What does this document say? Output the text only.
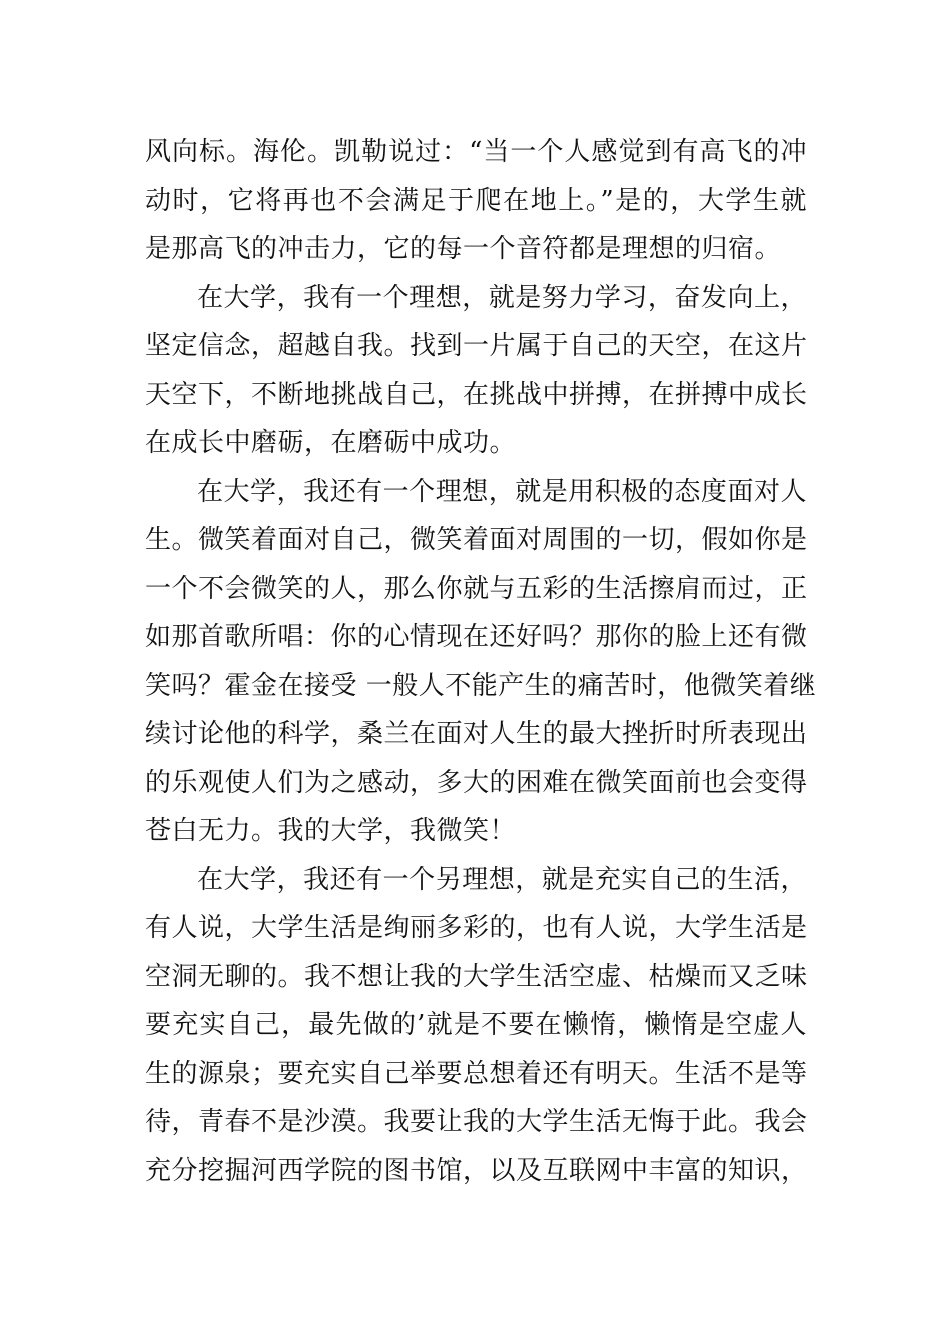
风向标。海伦。凯勒说过：“当一个人感觉到有高飞的冲
动时，它将再也不会满足于爬在地上。”是的，大学生就
是那高飞的冲击力，它的每一个音符都是理想的归宿。
在大学，我有一个理想，就是努力学习，奋发向上，
坚定信念，超越自我。找到一片属于自己的天空，在这片
天空下，不断地挑战自己，在挑战中拼搏，在拼搏中成长
在成长中磨砺，在磨砺中成功。
在大学，我还有一个理想，就是用积极的态度面对人
生。微笑着面对自己，微笑着面对周围的一切，假如你是
一个不会微笑的人，那么你就与五彩的生活擦肩而过，正
如那首歌所唱：你的心情现在还好吗？那你的脸上还有微
笑吗？霍金在接受 一般人不能产生的痛苦时，他微笑着继
续讨论他的科学，桑兰在面对人生的最大挫折时所表现出
的乐观使人们为之感动，多大的困难在微笑面前也会变得
苍白无力。我的大学，我微笑！
在大学，我还有一个另理想，就是充实自己的生活，
有人说，大学生活是绚丽多彩的，也有人说，大学生活是
空洞无聊的。我不想让我的大学生活空虚、枯燥而又乏味
要充实自己，最先做的’就是不要在懒惰，懒惰是空虚人
生的源泉；要充实自己举要总想着还有明天。生活不是等
待，青春不是沙漠。我要让我的大学生活无悔于此。我会
充分挖掘河西学院的图书馆，以及互联网中丰富的知识，
